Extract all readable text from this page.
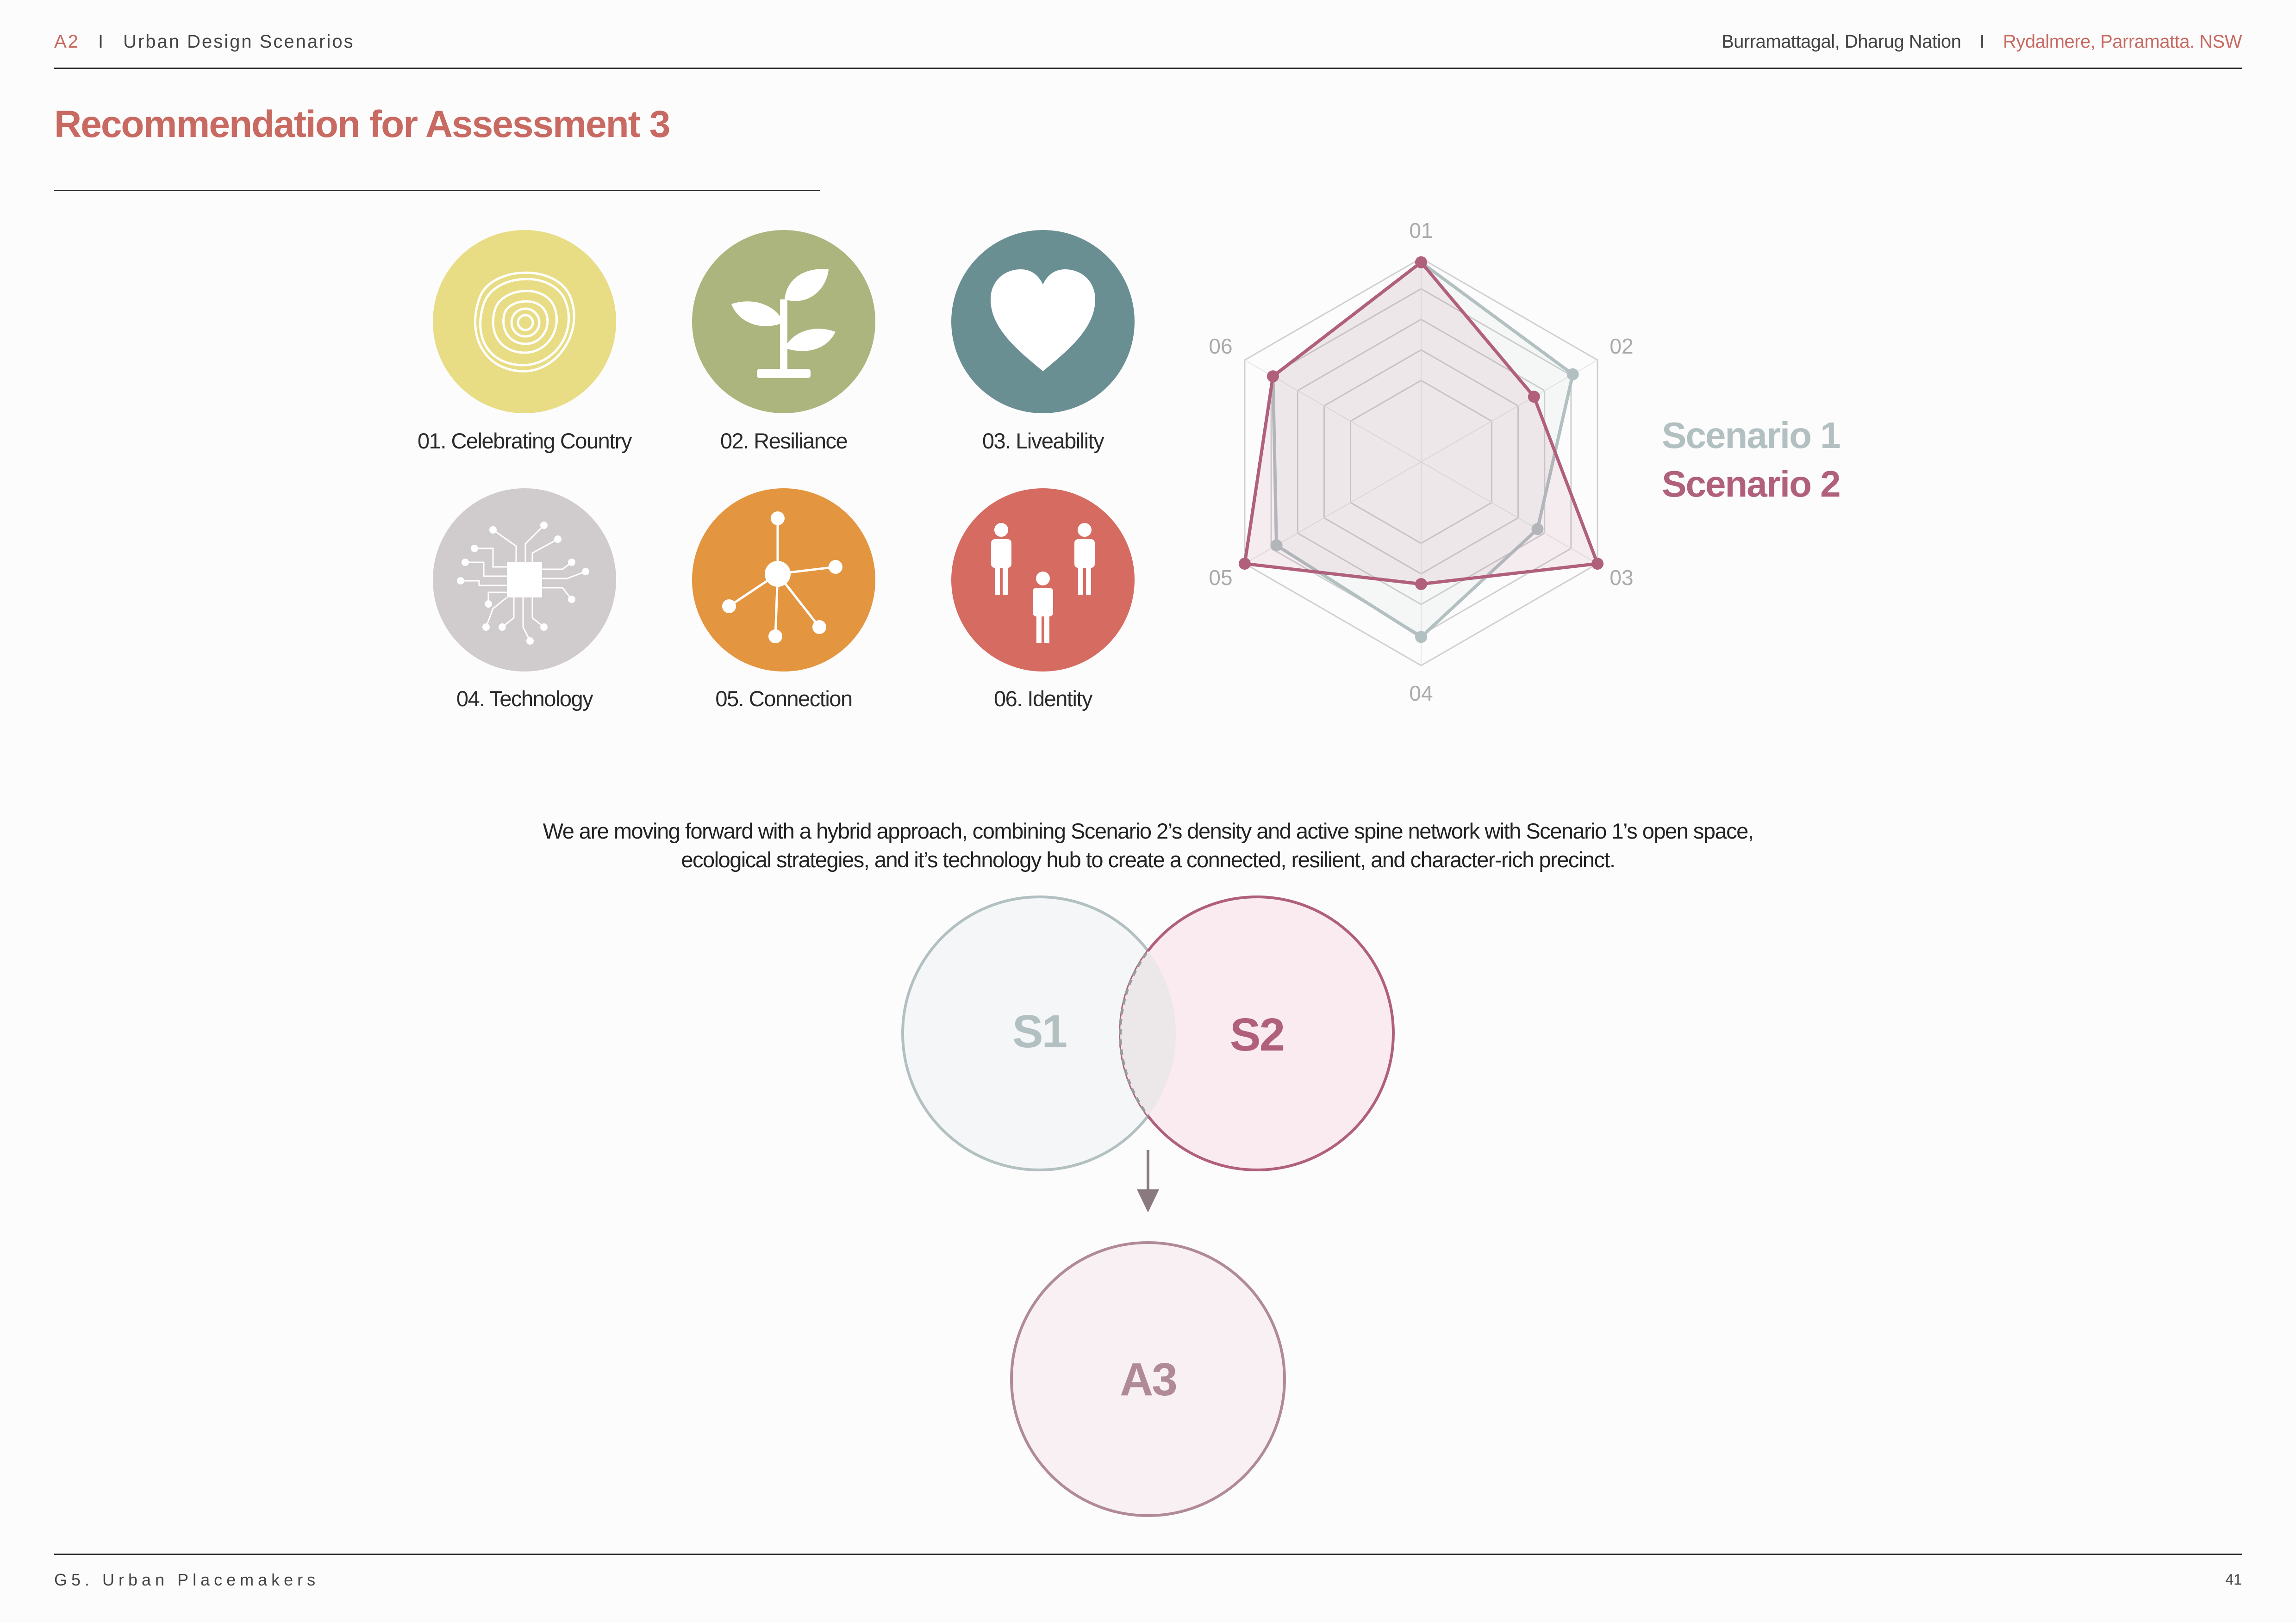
A2 I Urban Design Scenarios	Burramattagal, Dharug Nation I Rydalmere, Parramatta. NSW
Recommendation for Assessment 3
01. Celebrating Country	02. Resiliance	03. Liveability
04. Technology	05. Connection	06. Identity
01
02
03
04
05
06
Scenario 1
Scenario 2
We are moving forward with a hybrid approach, combining Scenario 2’s density and active spine network with Scenario 1’s open space, ecological strategies, and it’s technology hub to create a connected, resilient, and character-rich precinct.
S1	S2
A3
G5. Urban Placemakers	41
